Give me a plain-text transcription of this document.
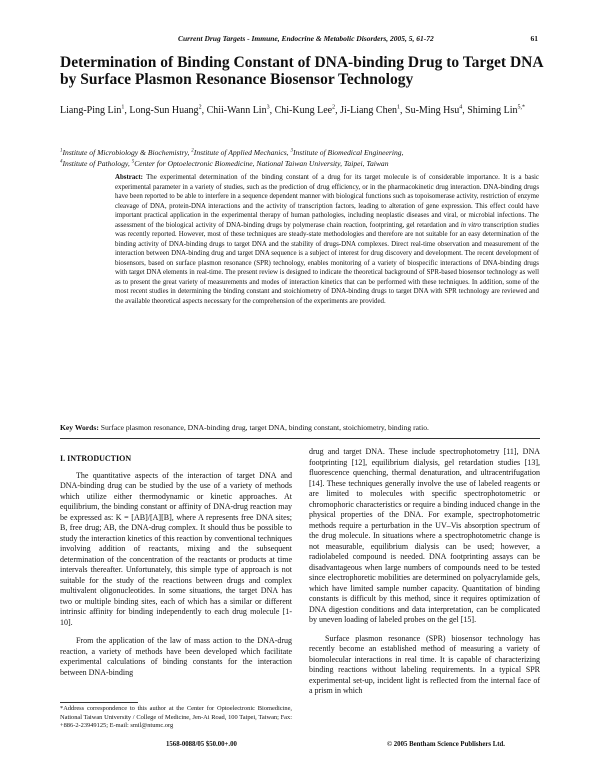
Current Drug Targets - Immune, Endocrine & Metabolic Disorders, 2005, 5, 61-72	61
Determination of Binding Constant of DNA-binding Drug to Target DNA by Surface Plasmon Resonance Biosensor Technology
Liang-Ping Lin$^1$, Long-Sun Huang$^2$, Chii-Wann Lin$^3$, Chi-Kung Lee$^2$, Ji-Liang Chen$^1$, Su-Ming Hsu$^4$, Shiming Lin$^{5,*}$
$^1$Institute of Microbiology & Biochemistry, $^2$Institute of Applied Mechanics, $^3$Institute of Biomedical Engineering,
$^4$Institute of Pathology, $^5$Center for Optoelectronic Biomedicine, National Taiwan University, Taipei, Taiwan
Abstract: The experimental determination of the binding constant of a drug for its target molecule is of considerable importance. It is a basic experimental parameter in a variety of studies, such as the prediction of drug efficiency, or in the pharmacokinetic drug interaction. DNA-binding drugs have been reported to be able to interfere in a sequence dependent manner with biological functions such as topoisomerase activity, restriction of enzyme cleavage of DNA, protein-DNA interactions and the activity of transcription factors, leading to alteration of gene expression. This effect could have important practical application in the experimental therapy of human pathologies, including neoplastic diseases and viral, or microbial infections. The assessment of the biological activity of DNA-binding drugs by polymerase chain reaction, footprinting, gel retardation and in vitro transcription studies was recently reported. However, most of these techniques are steady-state methodologies and therefore are not suitable for an easy determination of the binding activity of DNA-binding drugs to target DNA and the stability of drugs-DNA complexes. Direct real-time observation and measurement of the interaction between DNA-binding drug and target DNA sequence is a subject of interest for drug discovery and development. The recent development of biosensors, based on surface plasmon resonance (SPR) technology, enables monitoring of a variety of biospecific interactions of DNA-binding drugs with target DNA elements in real-time. The present review is designed to indicate the theoretical background of SPR-based biosensor technology as well as to present the great variety of measurements and modes of interaction kinetics that can be performed with these techniques. In addition, some of the most recent studies in determining the binding constant and stoichiometry of DNA-binding drugs to target DNA with SPR technology are reviewed and the available theoretical aspects necessary for the comprehension of the experiments are provided.
Key Words: Surface plasmon resonance, DNA-binding drug, target DNA, binding constant, stoichiometry, binding ratio.
I. INTRODUCTION

The quantitative aspects of the interaction of target DNA and DNA-binding drug can be studied by the use of a variety of methods which utilize either thermodynamic or kinetic approaches. At equilibrium, the binding constant or affinity of DNA-drug reaction may be expressed as: K = [AB]/[A][B], where A represents free DNA sites; B, free drug; AB, the DNA-drug complex. It should thus be possible to study the interaction kinetics of this reaction by conventional techniques involving addition of reactants, mixing and the subsequent determination of the concentration of the reactants or products at time intervals thereafter. Unfortunately, this simple type of approach is not suitable for the study of the reactions between drugs and complex multivalent oligonucleotides. In some situations, the target DNA has two or multiple binding sites, each of which has a similar or different intrinsic affinity for binding independently to each drug molecule [1-10].

From the application of the law of mass action to the DNA-drug reaction, a variety of methods have been developed which facilitate experimental calculations of binding constants for the interaction between DNA-binding

drug and target DNA. These include spectrophotometry [11], DNA footprinting [12], equilibrium dialysis, gel retardation studies [13], fluorescence quenching, thermal denaturation, and ultracentrifugation [14]. These techniques generally involve the use of labeled reagents or are limited to molecules with specific spectrophotometric or chromophoric characteristics or require a binding induced change in the physical properties of the DNA. For example, spectrophotometric methods require a perturbation in the UV–Vis absorption spectrum of the drug molecule. In situations where a spectrophotometric change is not measurable, equilibrium dialysis can be used; however, a radiolabeled compound is needed. DNA footprinting assays can be disadvantageous when large numbers of compounds need to be tested since electrophoretic mobilities are determined on polyacrylamide gels, which have limited sample number capacity. Quantitation of binding constants is difficult by this method, since it requires optimization of DNA digestion conditions and data interpretation, can be complicated by uneven loading of labeled probes on the gel [15].

Surface plasmon resonance (SPR) biosensor technology has recently become an established method of measuring a variety of biomolecular interactions in real time. It is capable of characterizing binding reactions without labeling requirements. In a typical SPR experimental set-up, incident light is reflected from the internal face of a prism in which

*Address correspondence to this author at the Center for Optoelectronic Biomedicine, National Taiwan University / College of Medicine, Jen-Ai Road, 100 Taipei, Taiwan; Fax: +886-2-23949125; E-mail: smil@ntumc.org
1568-0088/05 $50.00+.00	© 2005 Bentham Science Publishers Ltd.
